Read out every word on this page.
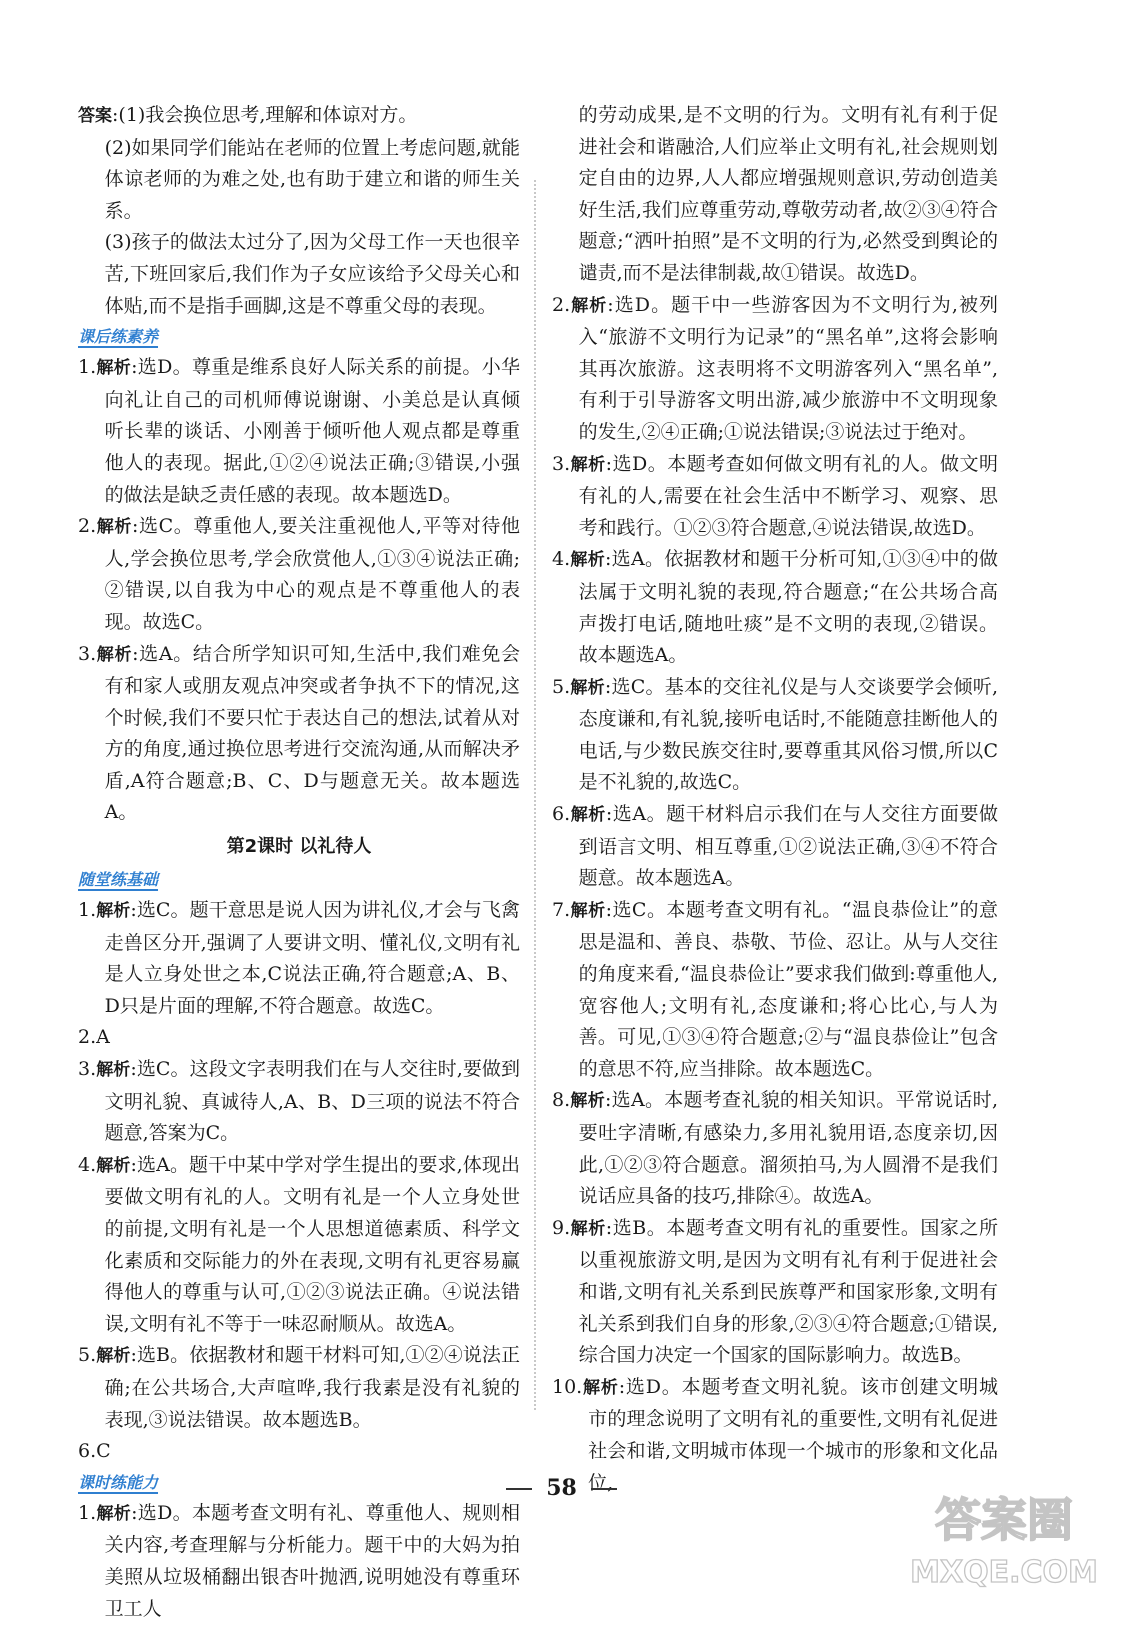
答案:(1)我会换位思考,理解和体谅对方。
(2)如果同学们能站在老师的位置上考虑问题,就能体谅老师的为难之处,也有助于建立和谐的师生关系。
(3)孩子的做法太过分了,因为父母工作一天也很辛苦,下班回家后,我们作为子女应该给予父母关心和体贴,而不是指手画脚,这是不尊重父母的表现。
课后练素养
1.解析:选D。尊重是维系良好人际关系的前提。小华向礼让自己的司机师傅说谢谢、小美总是认真倾听长辈的谈话、小刚善于倾听他人观点都是尊重他人的表现。据此,①②④说法正确;③错误,小强的做法是缺乏责任感的表现。故本题选D。
2.解析:选C。尊重他人,要关注重视他人,平等对待他人,学会换位思考,学会欣赏他人,①③④说法正确;②错误,以自我为中心的观点是不尊重他人的表现。故选C。
3.解析:选A。结合所学知识可知,生活中,我们难免会有和家人或朋友观点冲突或者争执不下的情况,这个时候,我们不要只忙于表达自己的想法,试着从对方的角度,通过换位思考进行交流沟通,从而解决矛盾,A符合题意;B、C、D与题意无关。故本题选A。
第2课时 以礼待人
随堂练基础
1.解析:选C。题干意思是说人因为讲礼仪,才会与飞禽走兽区分开,强调了人要讲文明、懂礼仪,文明有礼是人立身处世之本,C说法正确,符合题意;A、B、D只是片面的理解,不符合题意。故选C。
2.A
3.解析:选C。这段文字表明我们在与人交往时,要做到文明礼貌、真诚待人,A、B、D三项的说法不符合题意,答案为C。
4.解析:选A。题干中某中学对学生提出的要求,体现出要做文明有礼的人。文明有礼是一个人立身处世的前提,文明有礼是一个人思想道德素质、科学文化素质和交际能力的外在表现,文明有礼更容易赢得他人的尊重与认可,①②③说法正确。④说法错误,文明有礼不等于一味忍耐顺从。故选A。
5.解析:选B。依据教材和题干材料可知,①②④说法正确;在公共场合,大声喧哗,我行我素是没有礼貌的表现,③说法错误。故本题选B。
6.C
课时练能力
1.解析:选D。本题考查文明有礼、尊重他人、规则相关内容,考查理解与分析能力。题干中的大妈为拍美照从垃圾桶翻出银杏叶抛洒,说明她没有尊重环卫工人
的劳动成果,是不文明的行为。文明有礼有利于促进社会和谐融洽,人们应举止文明有礼,社会规则划定自由的边界,人人都应增强规则意识,劳动创造美好生活,我们应尊重劳动,尊敬劳动者,故②③④符合题意;“洒叶拍照”是不文明的行为,必然受到舆论的谴责,而不是法律制裁,故①错误。故选D。
2.解析:选D。题干中一些游客因为不文明行为,被列入“旅游不文明行为记录”的“黑名单”,这将会影响其再次旅游。这表明将不文明游客列入“黑名单”,有利于引导游客文明出游,减少旅游中不文明现象的发生,②④正确;①说法错误;③说法过于绝对。
3.解析:选D。本题考查如何做文明有礼的人。做文明有礼的人,需要在社会生活中不断学习、观察、思考和践行。①②③符合题意,④说法错误,故选D。
4.解析:选A。依据教材和题干分析可知,①③④中的做法属于文明礼貌的表现,符合题意;“在公共场合高声拨打电话,随地吐痰”是不文明的表现,②错误。故本题选A。
5.解析:选C。基本的交往礼仪是与人交谈要学会倾听,态度谦和,有礼貌,接听电话时,不能随意挂断他人的电话,与少数民族交往时,要尊重其风俗习惯,所以C是不礼貌的,故选C。
6.解析:选A。题干材料启示我们在与人交往方面要做到语言文明、相互尊重,①②说法正确,③④不符合题意。故本题选A。
7.解析:选C。本题考查文明有礼。“温良恭俭让”的意思是温和、善良、恭敬、节俭、忍让。从与人交往的角度来看,“温良恭俭让”要求我们做到:尊重他人,宽容他人;文明有礼,态度谦和;将心比心,与人为善。可见,①③④符合题意;②与“温良恭俭让”包含的意思不符,应当排除。故本题选C。
8.解析:选A。本题考查礼貌的相关知识。平常说话时,要吐字清晰,有感染力,多用礼貌用语,态度亲切,因此,①②③符合题意。溜须拍马,为人圆滑不是我们说话应具备的技巧,排除④。故选A。
9.解析:选B。本题考查文明有礼的重要性。国家之所以重视旅游文明,是因为文明有礼有利于促进社会和谐,文明有礼关系到民族尊严和国家形象,文明有礼关系到我们自身的形象,②③④符合题意;①错误,综合国力决定一个国家的国际影响力。故选B。
10.解析:选D。本题考查文明礼貌。该市创建文明城市的理念说明了文明有礼的重要性,文明有礼促进社会和谐,文明城市体现一个城市的形象和文化品位,
58
答案圈
MXQE.COM
